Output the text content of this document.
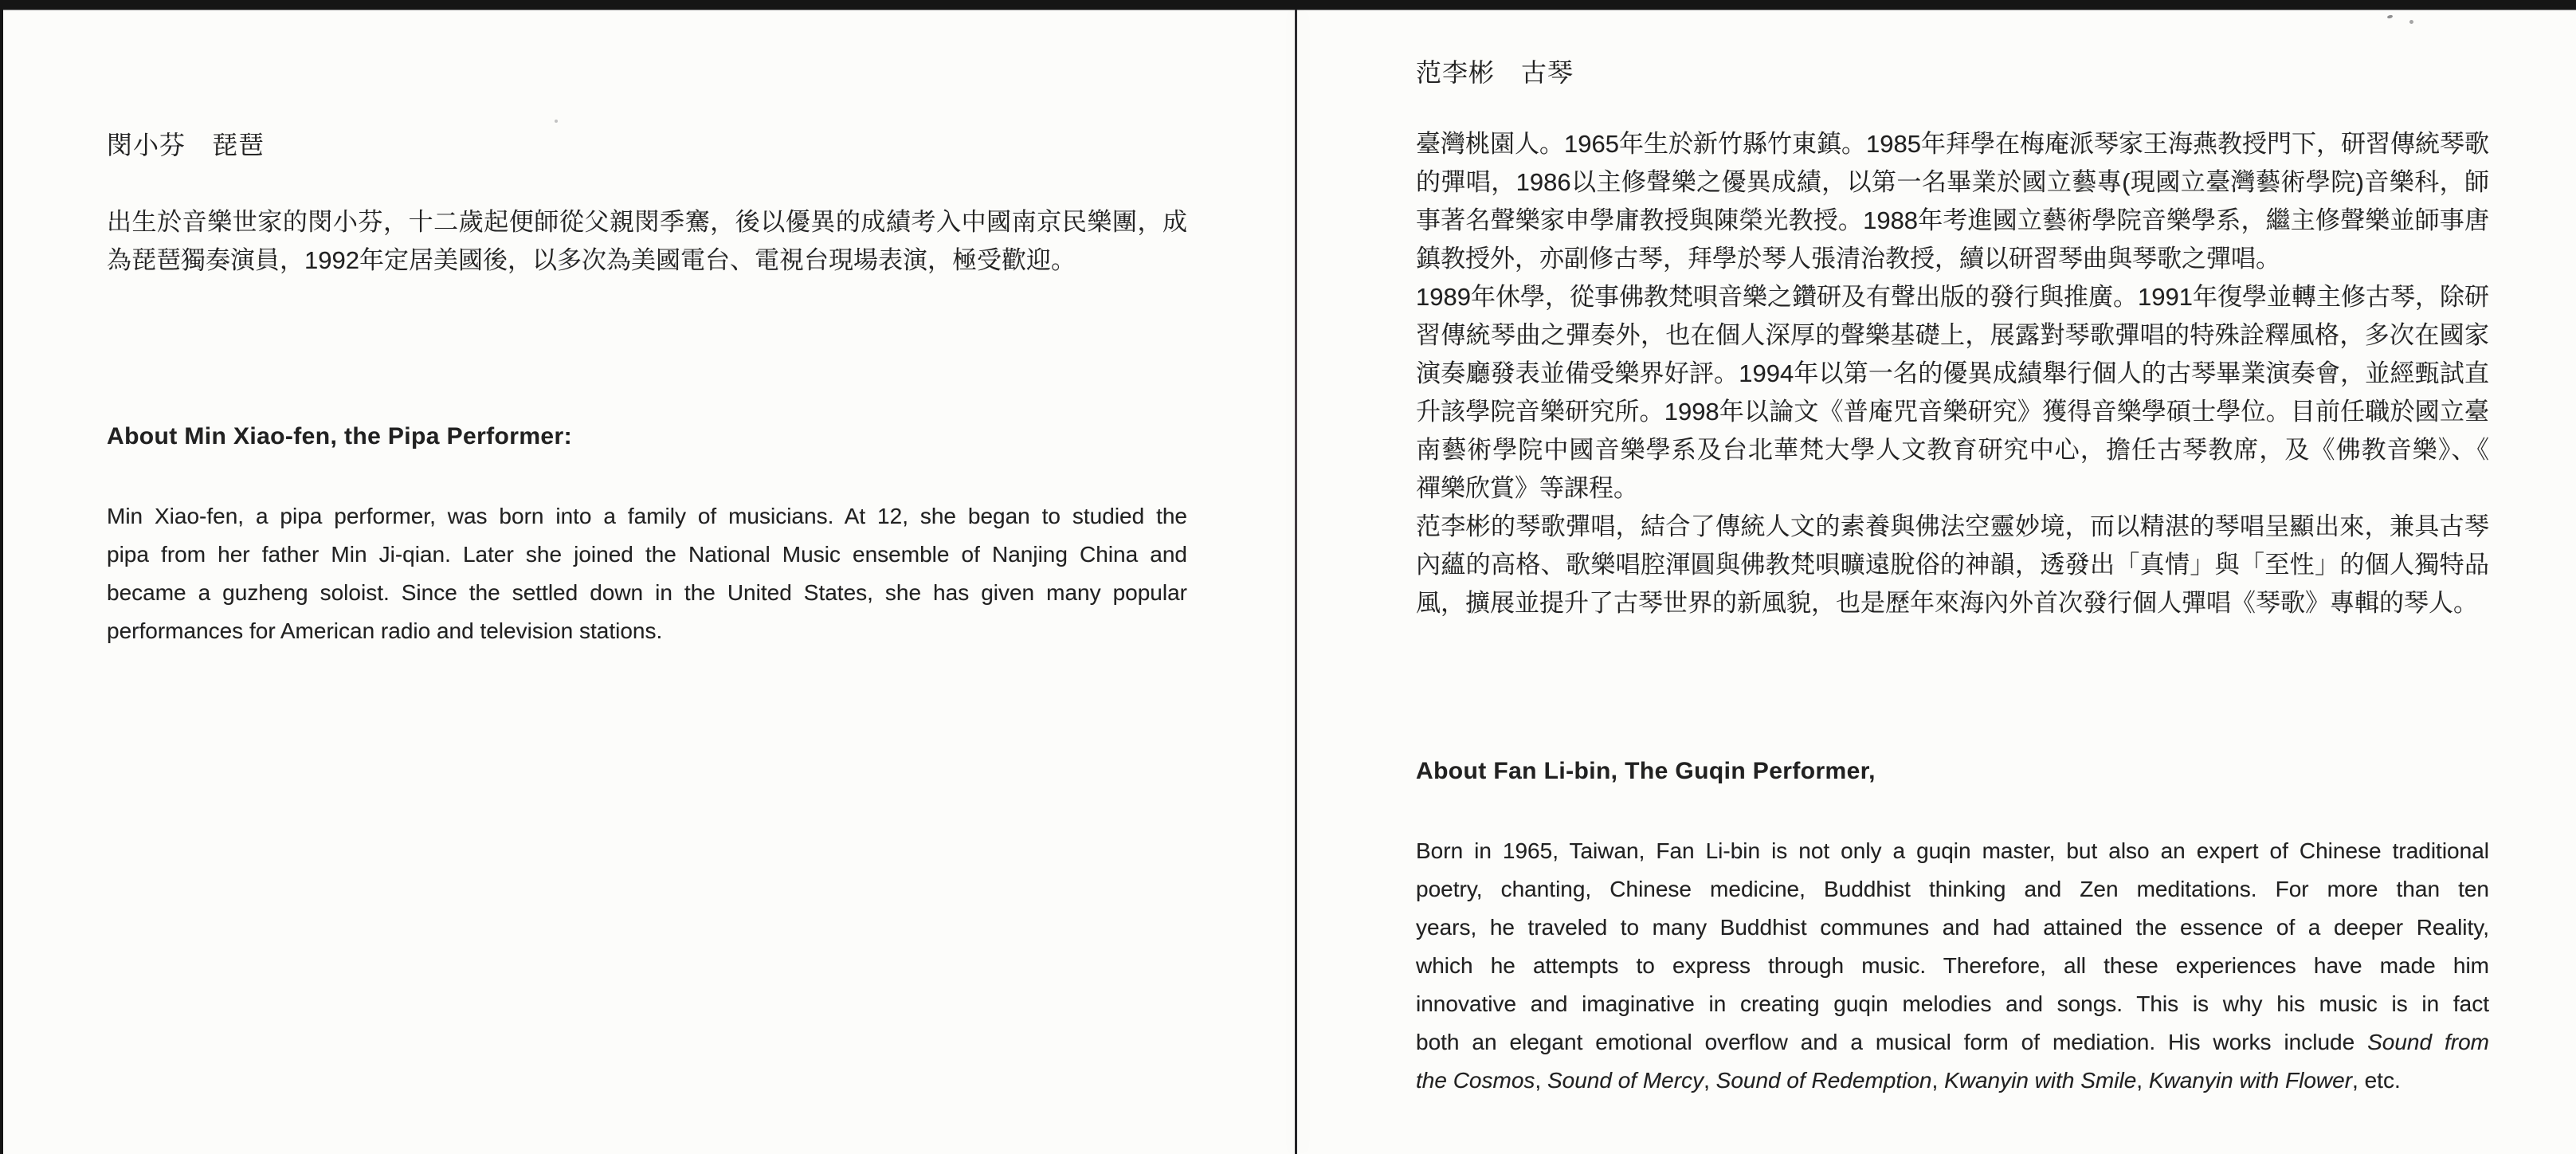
閔小芬　琵琶
出生於音樂世家的閔小芬，十二歲起便師從父親閔季騫，後以優異的成績考入中國南京民樂團，成
為琵琶獨奏演員，1992年定居美國後，以多次為美國電台、電視台現場表演，極受歡迎。
About Min Xiao-fen, the Pipa Performer:
Min Xiao-fen, a pipa performer, was born into a family of musicians. At 12, she began to studied the
pipa from her father Min Ji-qian. Later she joined the National Music ensemble of Nanjing China and
became a guzheng soloist. Since the settled down in the United States, she has given many popular
performances for American radio and television stations.
范李彬　古琴
臺灣桃園人。1965年生於新竹縣竹東鎮。1985年拜學在梅庵派琴家王海燕教授門下，研習傳統琴歌
的彈唱，1986以主修聲樂之優異成績，以第一名畢業於國立藝專(現國立臺灣藝術學院)音樂科，師
事著名聲樂家申學庸教授與陳榮光教授。1988年考進國立藝術學院音樂學系，繼主修聲樂並師事唐
鎮教授外，亦副修古琴，拜學於琴人張清治教授，續以研習琴曲與琴歌之彈唱。
1989年休學，從事佛教梵唄音樂之鑽研及有聲出版的發行與推廣。1991年復學並轉主修古琴，除研
習傳統琴曲之彈奏外，也在個人深厚的聲樂基礎上，展露對琴歌彈唱的特殊詮釋風格，多次在國家
演奏廳發表並備受樂界好評。1994年以第一名的優異成績舉行個人的古琴畢業演奏會，並經甄試直
升該學院音樂研究所。1998年以論文《普庵咒音樂研究》獲得音樂學碩士學位。目前任職於國立臺
南藝術學院中國音樂學系及台北華梵大學人文教育研究中心，擔任古琴教席，及《佛教音樂》、《
禪樂欣賞》等課程。
范李彬的琴歌彈唱，結合了傳統人文的素養與佛法空靈妙境，而以精湛的琴唱呈顯出來，兼具古琴
內蘊的高格、歌樂唱腔渾圓與佛教梵唄曠遠脫俗的神韻，透發出「真情」與「至性」的個人獨特品
風，擴展並提升了古琴世界的新風貌，也是歷年來海內外首次發行個人彈唱《琴歌》專輯的琴人。
About Fan Li-bin, The Guqin Performer,
Born in 1965, Taiwan, Fan Li-bin is not only a guqin master, but also an expert of Chinese traditional
poetry, chanting, Chinese medicine, Buddhist thinking and Zen meditations. For more than ten
years, he traveled to many Buddhist communes and had attained the essence of a deeper Reality,
which he attempts to express through music. Therefore, all these experiences have made him
innovative and imaginative in creating guqin melodies and songs. This is why his music is in fact
both an elegant emotional overflow and a musical form of mediation. His works include Sound from
the Cosmos, Sound of Mercy, Sound of Redemption, Kwanyin with Smile, Kwanyin with Flower, etc.
